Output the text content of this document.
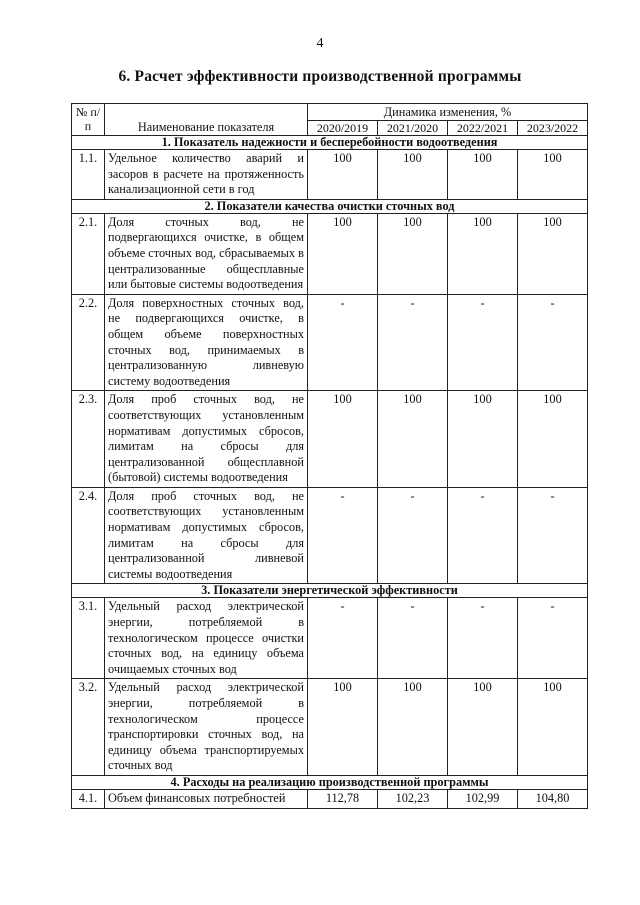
4
6. Расчет эффективности производственной программы
№ п/п	Наименование показателя	Динамика изменения, %			
		2020/2019	2021/2020	2022/2021	2023/2022
1. Показатель надежности и бесперебойности водоотведения					
1.1.	Удельное количество аварий и засоров в расчете на протяженность канализационной сети в год	100	100	100	100
2. Показатели качества очистки сточных вод					
2.1.	Доля сточных вод, не подвергающихся очистке, в общем объеме сточных вод, сбрасываемых в централизованные общесплавные или бытовые системы водоотведения	100	100	100	100
2.2.	Доля поверхностных сточных вод, не подвергающихся очистке, в общем объеме поверхностных сточных вод, принимаемых в централизованную ливневую систему водоотведения	-	-	-	-
2.3.	Доля проб сточных вод, не соответствующих установленным нормативам допустимых сбросов, лимитам на сбросы для централизованной общесплавной (бытовой) системы водоотведения	100	100	100	100
2.4.	Доля проб сточных вод, не соответствующих установленным нормативам допустимых сбросов, лимитам на сбросы для централизованной ливневой системы водоотведения	-	-	-	-
3. Показатели энергетической эффективности					
3.1.	Удельный расход электрической энергии, потребляемой в технологическом процессе очистки сточных вод, на единицу объема очищаемых сточных вод	-	-	-	-
3.2.	Удельный расход электрической энергии, потребляемой в технологическом процессе транспортировки сточных вод, на единицу объема транспортируемых сточных вод	100	100	100	100
4. Расходы на реализацию производственной программы					
4.1.	Объем финансовых потребностей	112,78	102,23	102,99	104,80
